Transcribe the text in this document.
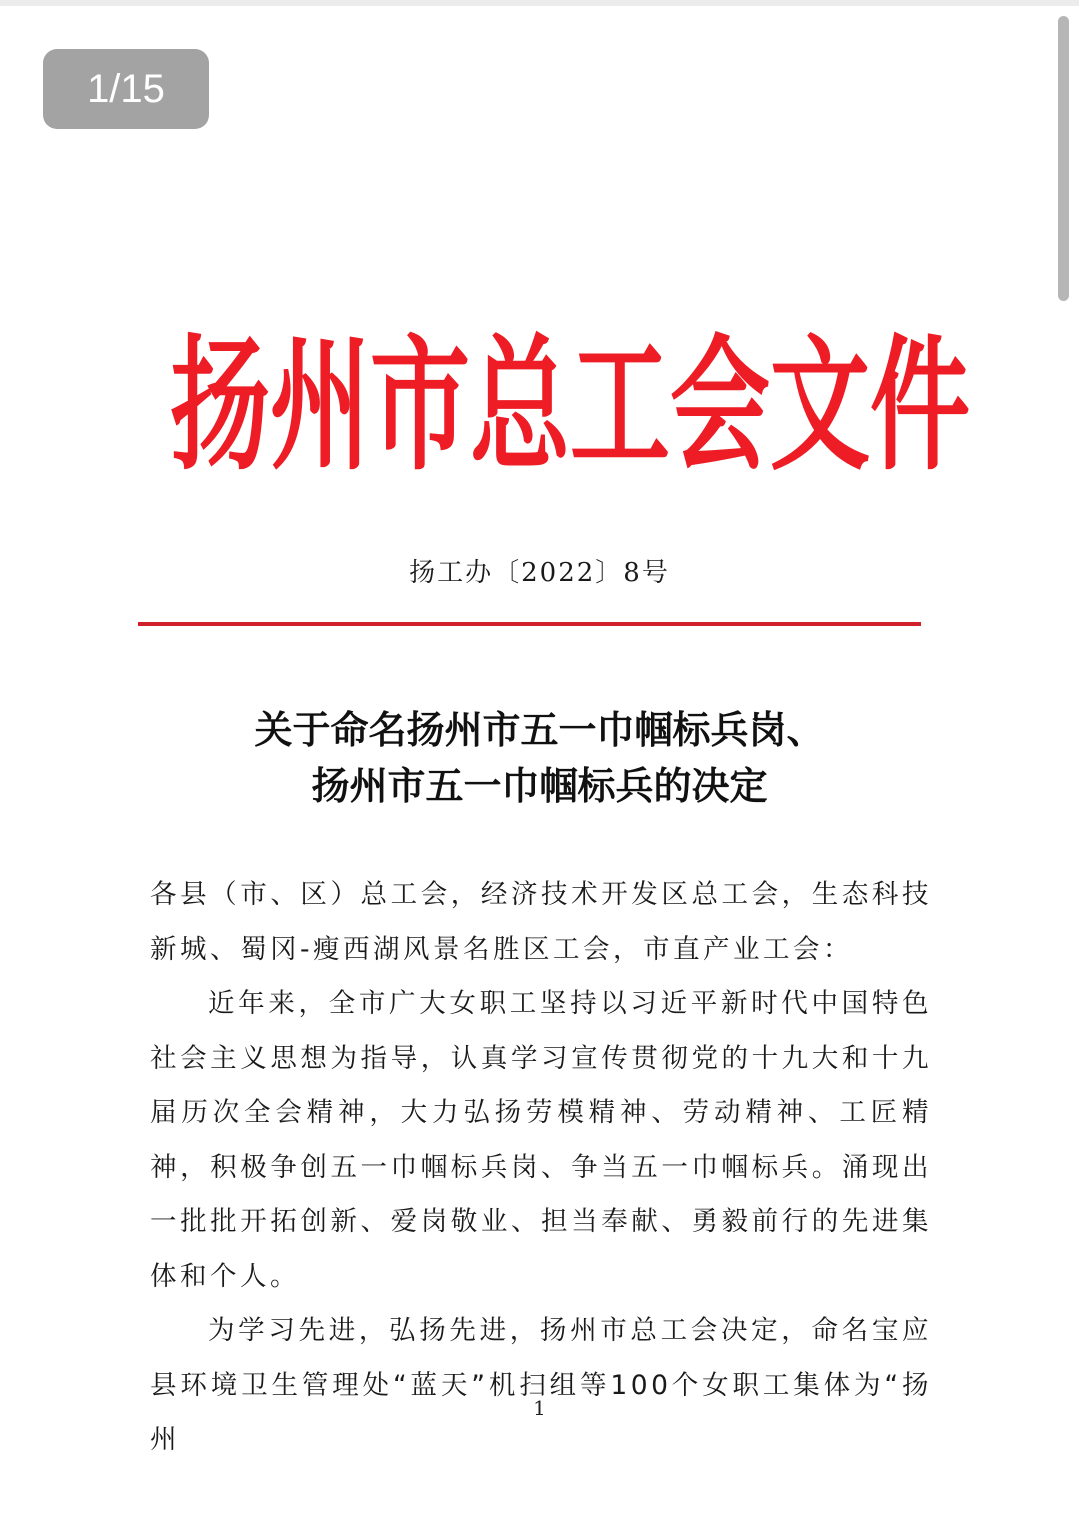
扬 州 市 总 工 会 文 件
扬工办〔2022〕8号
关于命名扬州市五一巾帼标兵岗、
扬州市五一巾帼标兵的决定

各县（市、区）总工会，经济技术开发区总工会，生态科技新城、蜀冈-瘦西湖风景名胜区工会，市直产业工会：

近年来，全市广大女职工坚持以习近平新时代中国特色社会主义思想为指导，认真学习宣传贯彻党的十九大和十九届历次全会精神，大力弘扬劳模精神、劳动精神、工匠精神，积极争创五一巾帼标兵岗、争当五一巾帼标兵。涌现出一批批开拓创新、爱岗敬业、担当奉献、勇毅前行的先进集体和个人。

为学习先进，弘扬先进，扬州市总工会决定，命名宝应县环境卫生管理处“蓝天”机扫组等100个女职工集体为“扬州

1
1/15
